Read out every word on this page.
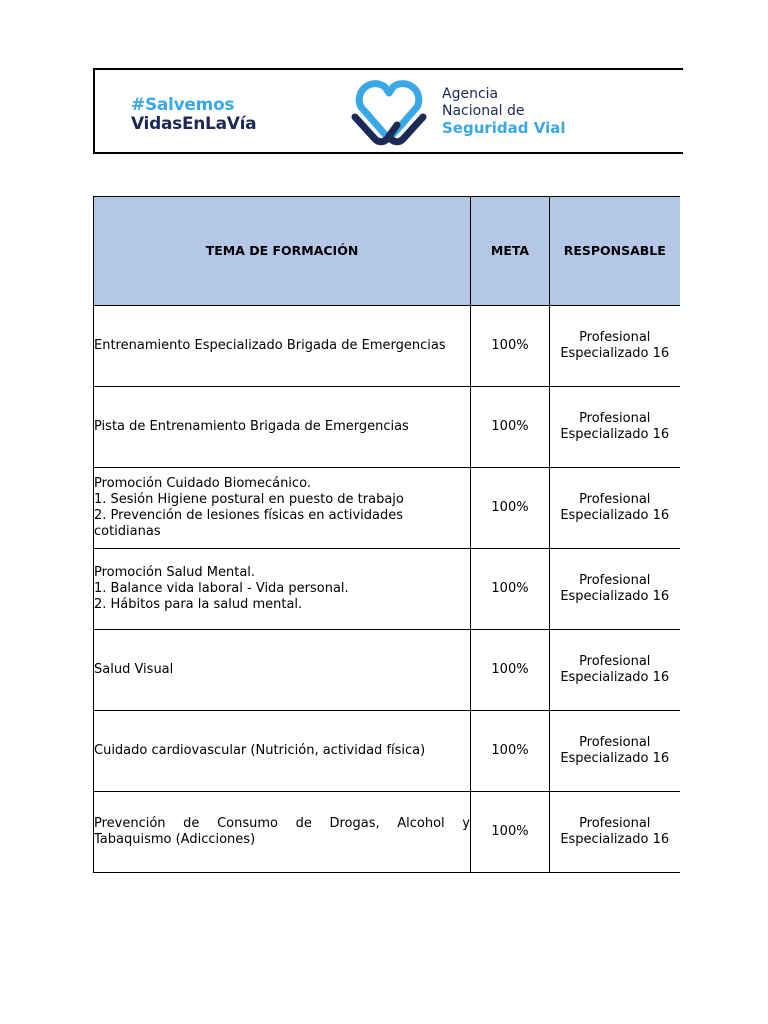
#Salvemos
VidasEnLaVía
Agencia
Nacional de
Seguridad Vial
TEMA DE FORMACIÓN	META	RESPONSABLE

Entrenamiento Especializado Brigada de Emergencias	100%	Profesional
Especializado 16

Pista de Entrenamiento Brigada de Emergencias	100%	Profesional
Especializado 16

Promoción Cuidado Biomecánico.
1. Sesión Higiene postural en puesto de trabajo
2. Prevención de lesiones físicas en actividades cotidianas	100%	Profesional
Especializado 16

Promoción Salud Mental.
1. Balance vida laboral - Vida personal.
2. Hábitos para la salud mental.	100%	Profesional
Especializado 16

Salud Visual	100%	Profesional
Especializado 16

Cuidado cardiovascular (Nutrición, actividad física)	100%	Profesional
Especializado 16

Prevención de Consumo de Drogas, Alcohol y Tabaquismo (Adicciones)	100%	Profesional
Especializado 16
